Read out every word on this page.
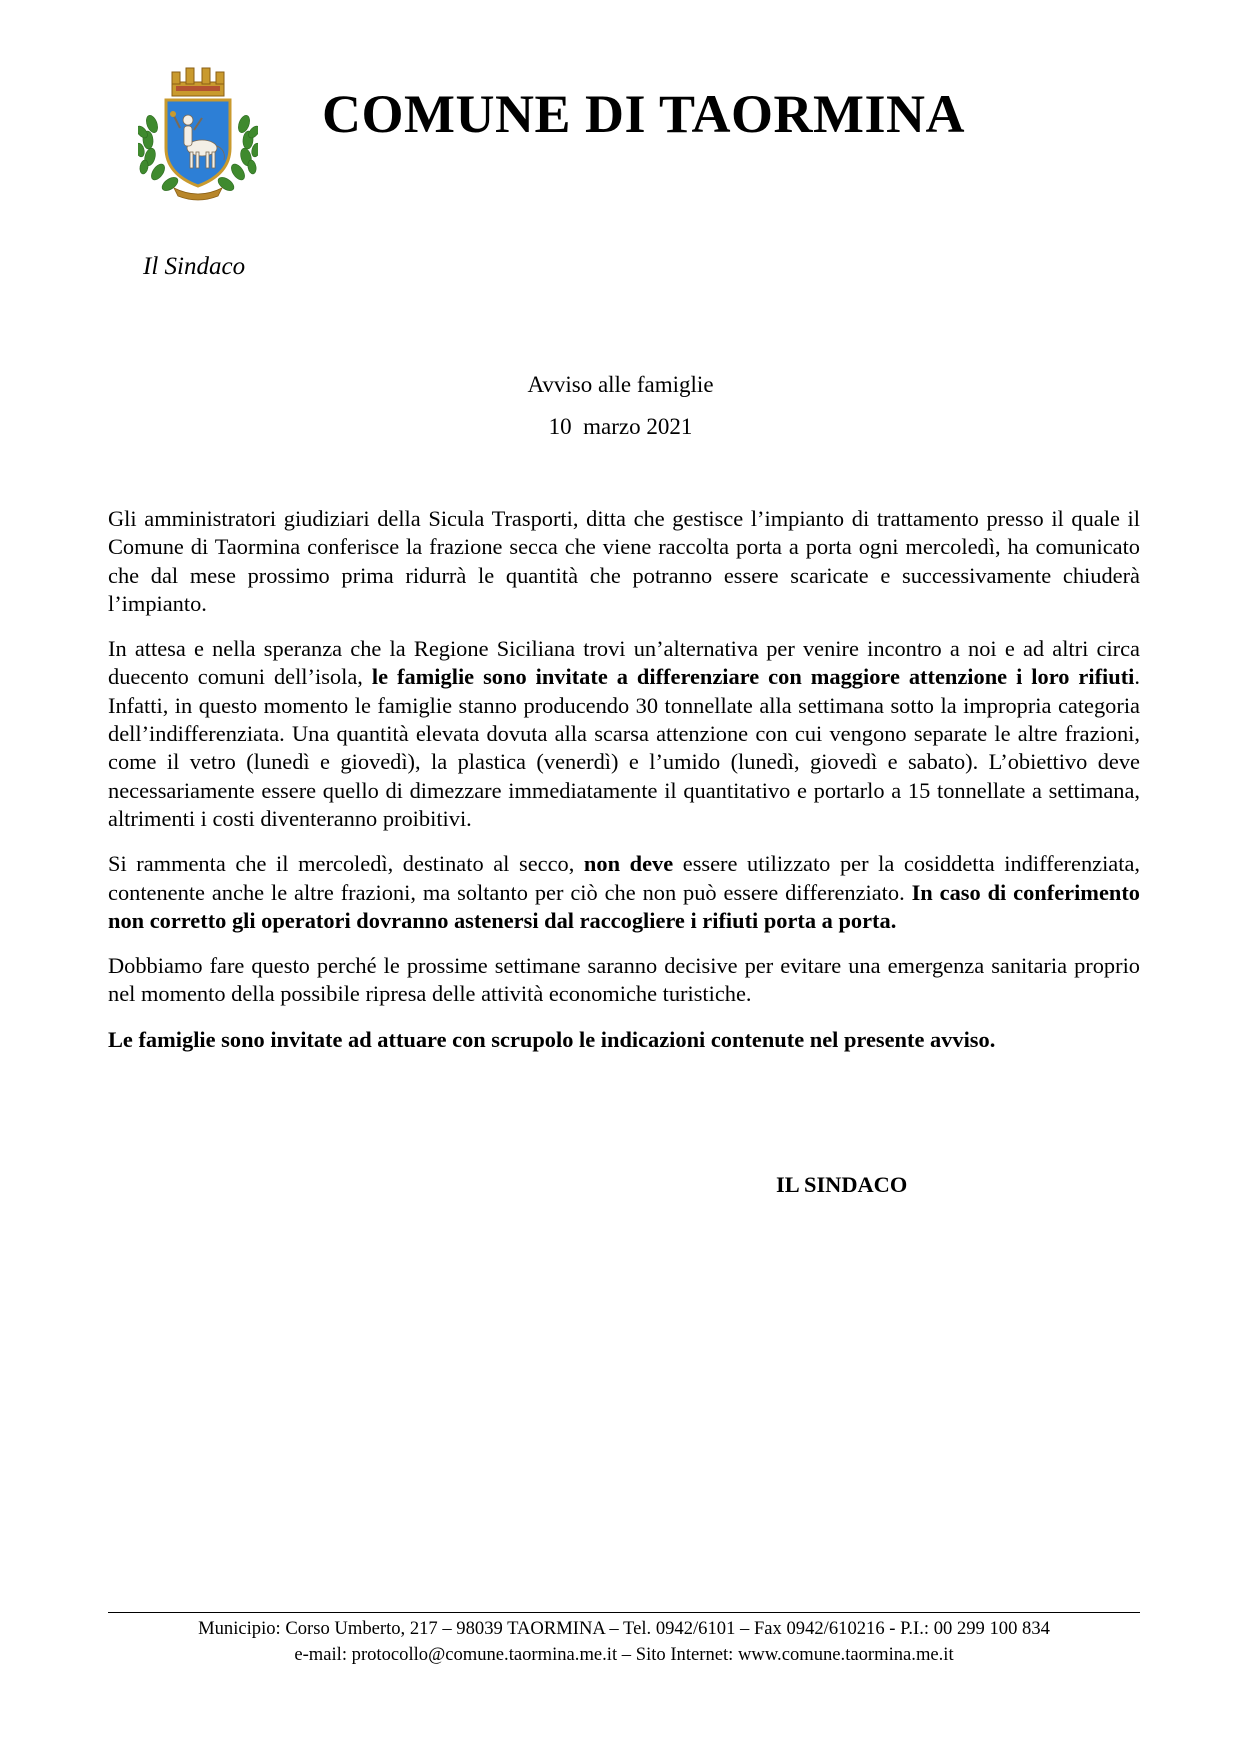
COMUNE DI TAORMINA
Il Sindaco
Avviso alle famiglie
10  marzo 2021

Gli amministratori giudiziari della Sicula Trasporti, ditta che gestisce l’impianto di trattamento presso il quale il Comune di Taormina conferisce la frazione secca che viene raccolta porta a porta ogni mercoledì, ha comunicato che dal mese prossimo prima ridurrà le quantità che potranno essere scaricate e successivamente chiuderà l’impianto.

In attesa e nella speranza che la Regione Siciliana trovi un’alternativa per venire incontro a noi e ad altri circa duecento comuni dell’isola, le famiglie sono invitate a differenziare con maggiore attenzione i loro rifiuti. Infatti, in questo momento le famiglie stanno producendo 30 tonnellate alla settimana sotto la impropria categoria dell’indifferenziata. Una quantità elevata dovuta alla scarsa attenzione con cui vengono separate le altre frazioni, come il vetro (lunedì e giovedì), la plastica (venerdì) e l’umido (lunedì, giovedì e sabato). L’obiettivo deve necessariamente essere quello di dimezzare immediatamente il quantitativo e portarlo a 15 tonnellate a settimana, altrimenti i costi diventeranno proibitivi.

Si rammenta che il mercoledì, destinato al secco, non deve essere utilizzato per la cosiddetta indifferenziata, contenente anche le altre frazioni, ma soltanto per ciò che non può essere differenziato. In caso di conferimento non corretto gli operatori dovranno astenersi dal raccogliere i rifiuti porta a porta.

Dobbiamo fare questo perché le prossime settimane saranno decisive per evitare una emergenza sanitaria proprio nel momento della possibile ripresa delle attività economiche turistiche.

Le famiglie sono invitate ad attuare con scrupolo le indicazioni contenute nel presente avviso.

IL SINDACO
Municipio: Corso Umberto, 217 – 98039 TAORMINA – Tel. 0942/6101 – Fax 0942/610216 - P.I.: 00 299 100 834
e-mail: protocollo@comune.taormina.me.it – Sito Internet: www.comune.taormina.me.it
